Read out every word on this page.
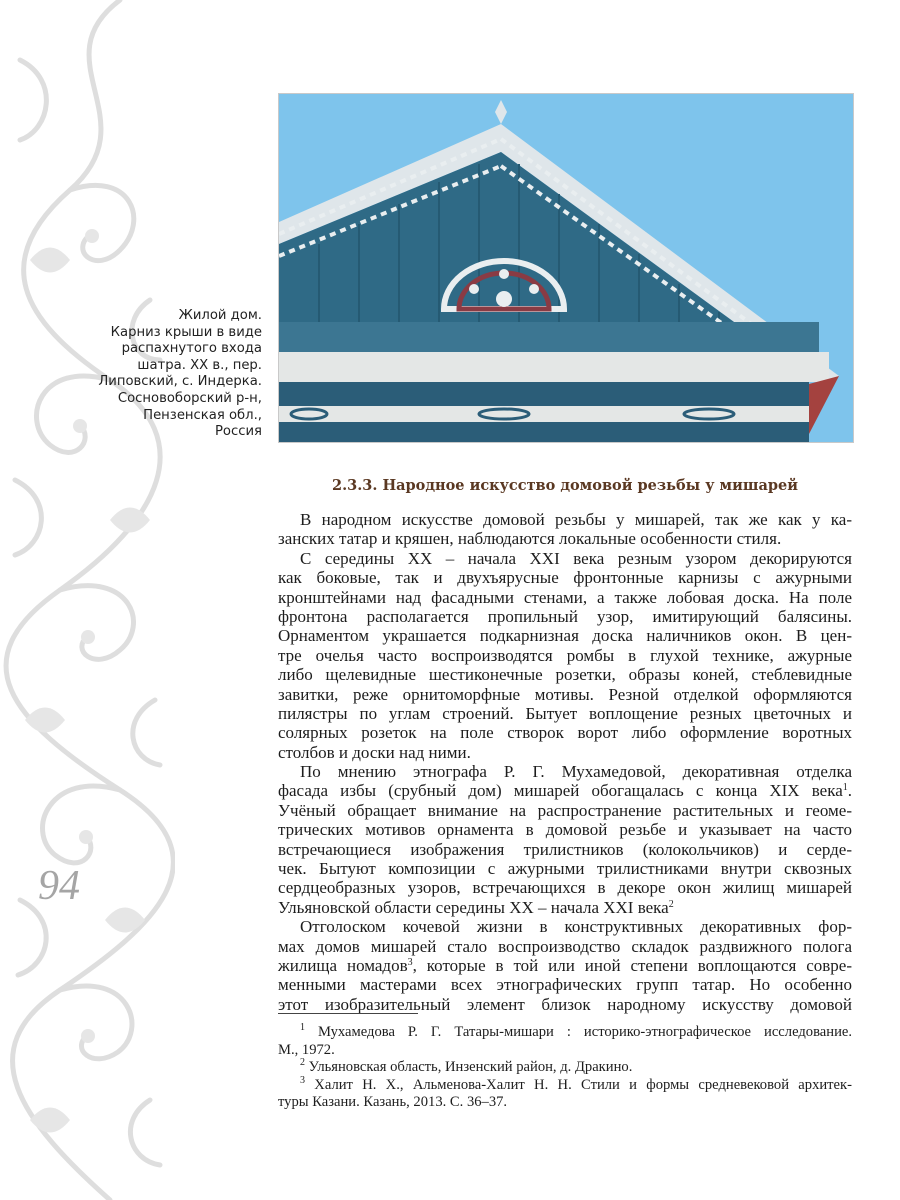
Жилой дом.
Карниз крыши в виде
распахнутого входа
шатра. XX в., пер.
Липовский, с. Индерка.
Сосновоборский р-н,
Пензенская обл.,
Россия
2.3.3. Народное искусство домовой резьбы у мишарей
В народном искусстве домовой резьбы у мишарей, так же как у ка-
занских татар и кряшен, наблюдаются локальные особенности стиля.
С середины XX – начала XXI века резным узором декорируются
как боковые, так и двухъярусные фронтонные карнизы с ажурными
кронштейнами над фасадными стенами, а также лобовая доска. На поле
фронтона располагается пропильный узор, имитирующий балясины.
Орнаментом украшается подкарнизная доска наличников окон. В цен-
тре очелья часто воспроизводятся ромбы в глухой технике, ажурные
либо щелевидные шестиконечные розетки, образы коней, стеблевидные
завитки, реже орнитоморфные мотивы. Резной отделкой оформляются
пилястры по углам строений. Бытует воплощение резных цветочных и
солярных розеток на поле створок ворот либо оформление воротных
столбов и доски над ними.
По мнению этнографа Р. Г. Мухамедовой, декоративная отделка
фасада избы (срубный дом) мишарей обогащалась с конца XIX века$^1$.
Учёный обращает внимание на распространение растительных и геоме-
трических мотивов орнамента в домовой резьбе и указывает на часто
встречающиеся изображения трилистников (колокольчиков) и серде-
чек. Бытуют композиции с ажурными трилистниками внутри сквозных
сердцеобразных узоров, встречающихся в декоре окон жилищ мишарей
Ульяновской области середины XX – начала XXI века$^2$
Отголоском кочевой жизни в конструктивных декоративных фор-
мах домов мишарей стало воспроизводство складок раздвижного полога
жилища номадов$^3$, которые в той или иной степени воплощаются совре-
менными мастерами всех этнографических групп татар. Но особенно
этот изобразительный элемент близок народному искусству домовой
94
$^1$ Мухамедова Р. Г. Татары-мишари : историко-этнографическое исследование.
М., 1972.
$^2$ Ульяновская область, Инзенский район, д. Дракино.
$^3$ Халит Н. Х., Альменова-Халит Н. Н. Стили и формы средневековой архитек-
туры Казани. Казань, 2013. С. 36–37.
